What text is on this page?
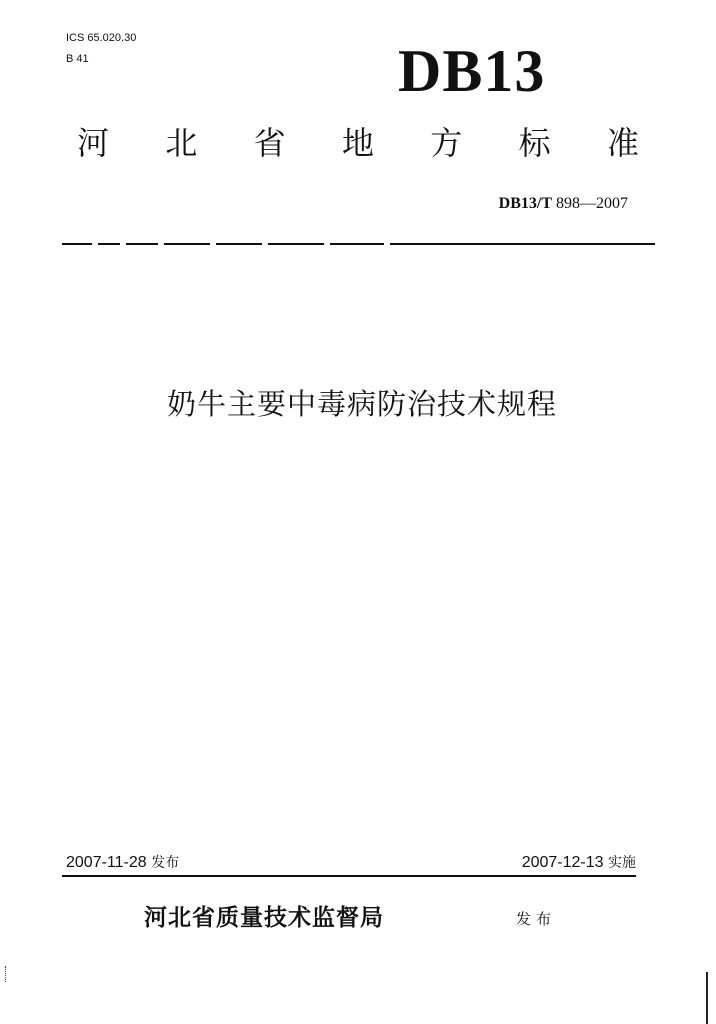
ICS 65.020.30
B 41	DB13
河 北 省 地 方 标 准
DB13/T 898—2007
奶牛主要中毒病防治技术规程
2007-11-28 发布	2007-12-13 实施
河北省质量技术监督局	发布
